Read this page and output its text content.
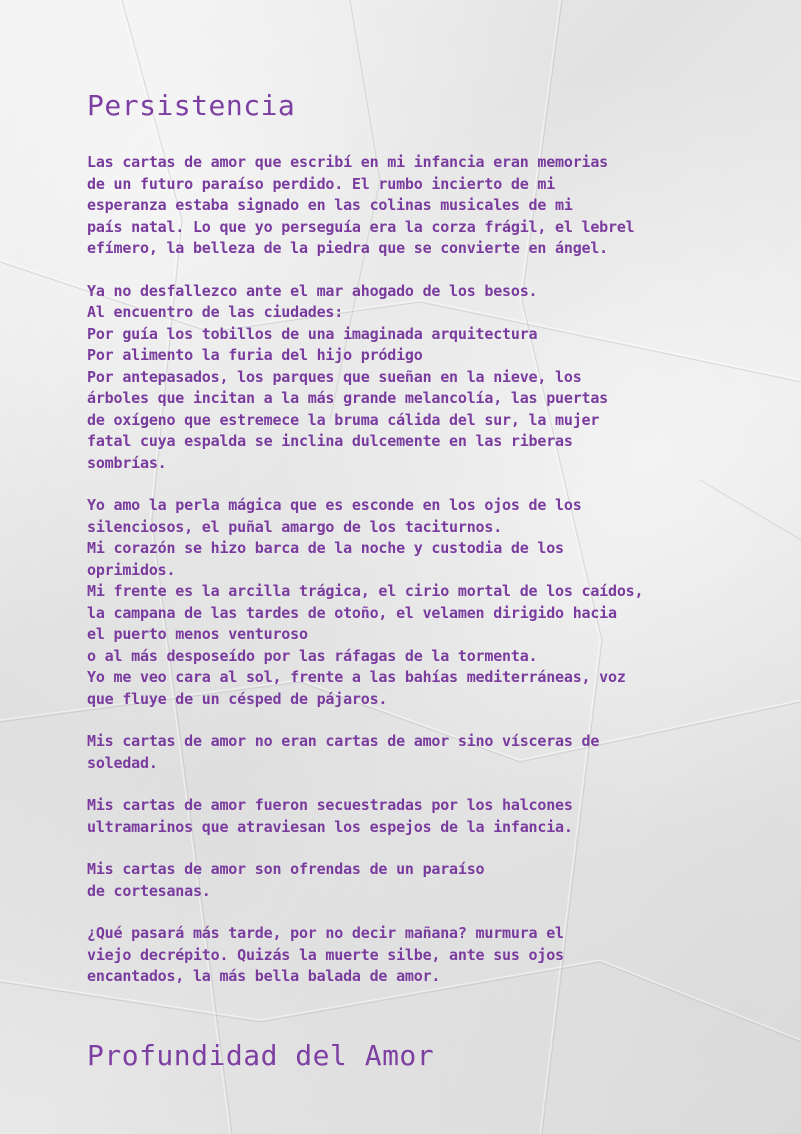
Persistencia

Las cartas de amor que escribí en mi infancia eran memorias
de un futuro paraíso perdido. El rumbo incierto de mi
esperanza estaba signado en las colinas musicales de mi
país natal. Lo que yo perseguía era la corza frágil, el lebrel
efímero, la belleza de la piedra que se convierte en ángel.

Ya no desfallezco ante el mar ahogado de los besos.
Al encuentro de las ciudades:
Por guía los tobillos de una imaginada arquitectura
Por alimento la furia del hijo pródigo
Por antepasados, los parques que sueñan en la nieve, los
árboles que incitan a la más grande melancolía, las puertas
de oxígeno que estremece la bruma cálida del sur, la mujer
fatal cuya espalda se inclina dulcemente en las riberas
sombrías.

Yo amo la perla mágica que es esconde en los ojos de los
silenciosos, el puñal amargo de los taciturnos.
Mi corazón se hizo barca de la noche y custodia de los
oprimidos.
Mi frente es la arcilla trágica, el cirio mortal de los caídos,
la campana de las tardes de otoño, el velamen dirigido hacia
el puerto menos venturoso
o al más desposeído por las ráfagas de la tormenta.
Yo me veo cara al sol, frente a las bahías mediterráneas, voz
que fluye de un césped de pájaros.

Mis cartas de amor no eran cartas de amor sino vísceras de
soledad.

Mis cartas de amor fueron secuestradas por los halcones
ultramarinos que atraviesan los espejos de la infancia.

Mis cartas de amor son ofrendas de un paraíso
de cortesanas.

¿Qué pasará más tarde, por no decir mañana? murmura el
viejo decrépito. Quizás la muerte silbe, ante sus ojos
encantados, la más bella balada de amor.

Profundidad del Amor
